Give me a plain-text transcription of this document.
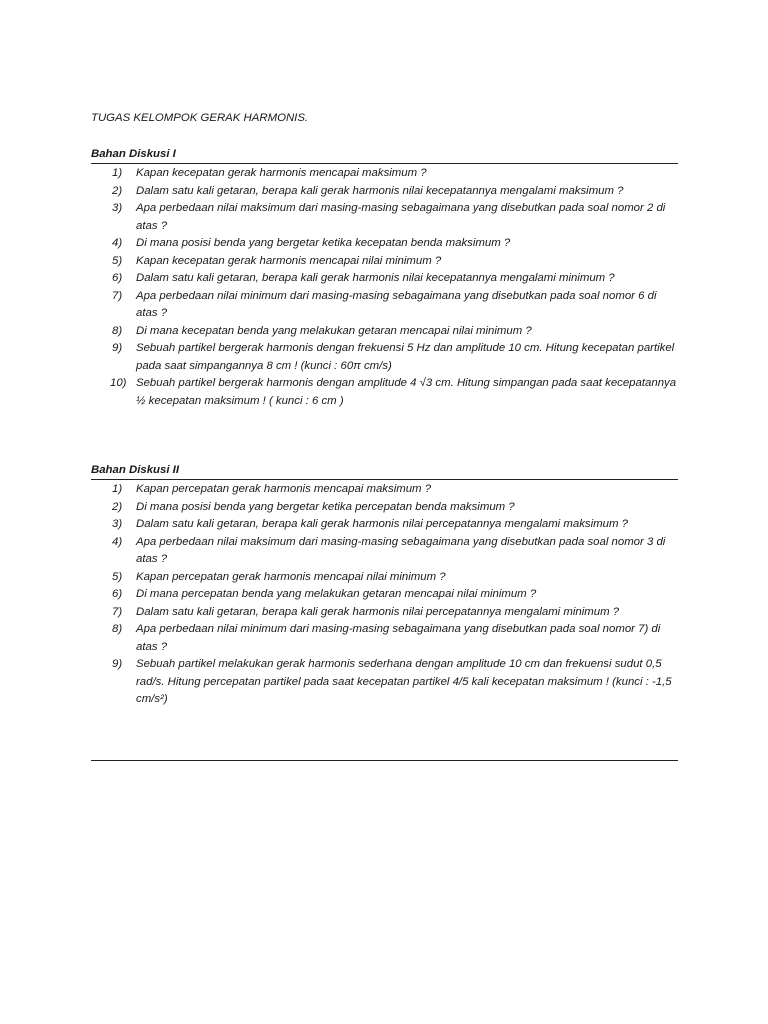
TUGAS KELOMPOK GERAK HARMONIS.
Bahan Diskusi I
1)	Kapan kecepatan gerak harmonis mencapai maksimum ?
2)	Dalam satu kali getaran, berapa kali gerak harmonis nilai kecepatannya mengalami maksimum ?
3)	Apa perbedaan nilai maksimum dari masing-masing sebagaimana yang disebutkan pada soal nomor 2 di atas ?
4)	Di mana posisi benda yang bergetar ketika kecepatan benda maksimum ?
5)	Kapan kecepatan gerak harmonis mencapai nilai minimum ?
6)	Dalam satu kali getaran, berapa kali gerak harmonis nilai kecepatannya mengalami minimum ?
7)	Apa perbedaan nilai minimum dari masing-masing sebagaimana yang disebutkan pada soal nomor 6 di atas ?
8)	Di mana kecepatan benda yang melakukan getaran mencapai nilai minimum ?
9)	Sebuah partikel bergerak harmonis dengan frekuensi 5 Hz dan amplitude 10 cm. Hitung kecepatan partikel pada saat simpangannya 8 cm ! (kunci : 60π cm/s)
10) Sebuah partikel bergerak harmonis dengan amplitude 4 √3 cm. Hitung simpangan pada saat kecepatannya ½ kecepatan maksimum ! ( kunci : 6 cm )
Bahan Diskusi II
1)	Kapan percepatan gerak harmonis mencapai maksimum ?
2)	Di mana posisi benda yang bergetar ketika percepatan benda maksimum ?
3)	Dalam satu kali getaran, berapa kali gerak harmonis nilai percepatannya mengalami maksimum ?
4)	Apa perbedaan nilai maksimum dari masing-masing sebagaimana yang disebutkan pada soal nomor 3 di atas ?
5)	Kapan percepatan gerak harmonis mencapai nilai minimum ?
6)	Di mana percepatan benda yang melakukan getaran mencapai nilai minimum ?
7)	Dalam satu kali getaran, berapa kali gerak harmonis nilai percepatannya mengalami minimum ?
8)	Apa perbedaan nilai minimum dari masing-masing sebagaimana yang disebutkan pada soal nomor 7) di atas ?
9)	Sebuah partikel melakukan gerak harmonis sederhana dengan amplitude 10 cm dan frekuensi sudut 0,5 rad/s. Hitung percepatan partikel pada saat kecepatan partikel 4/5 kali kecepatan maksimum ! (kunci : -1,5 cm/s²)
